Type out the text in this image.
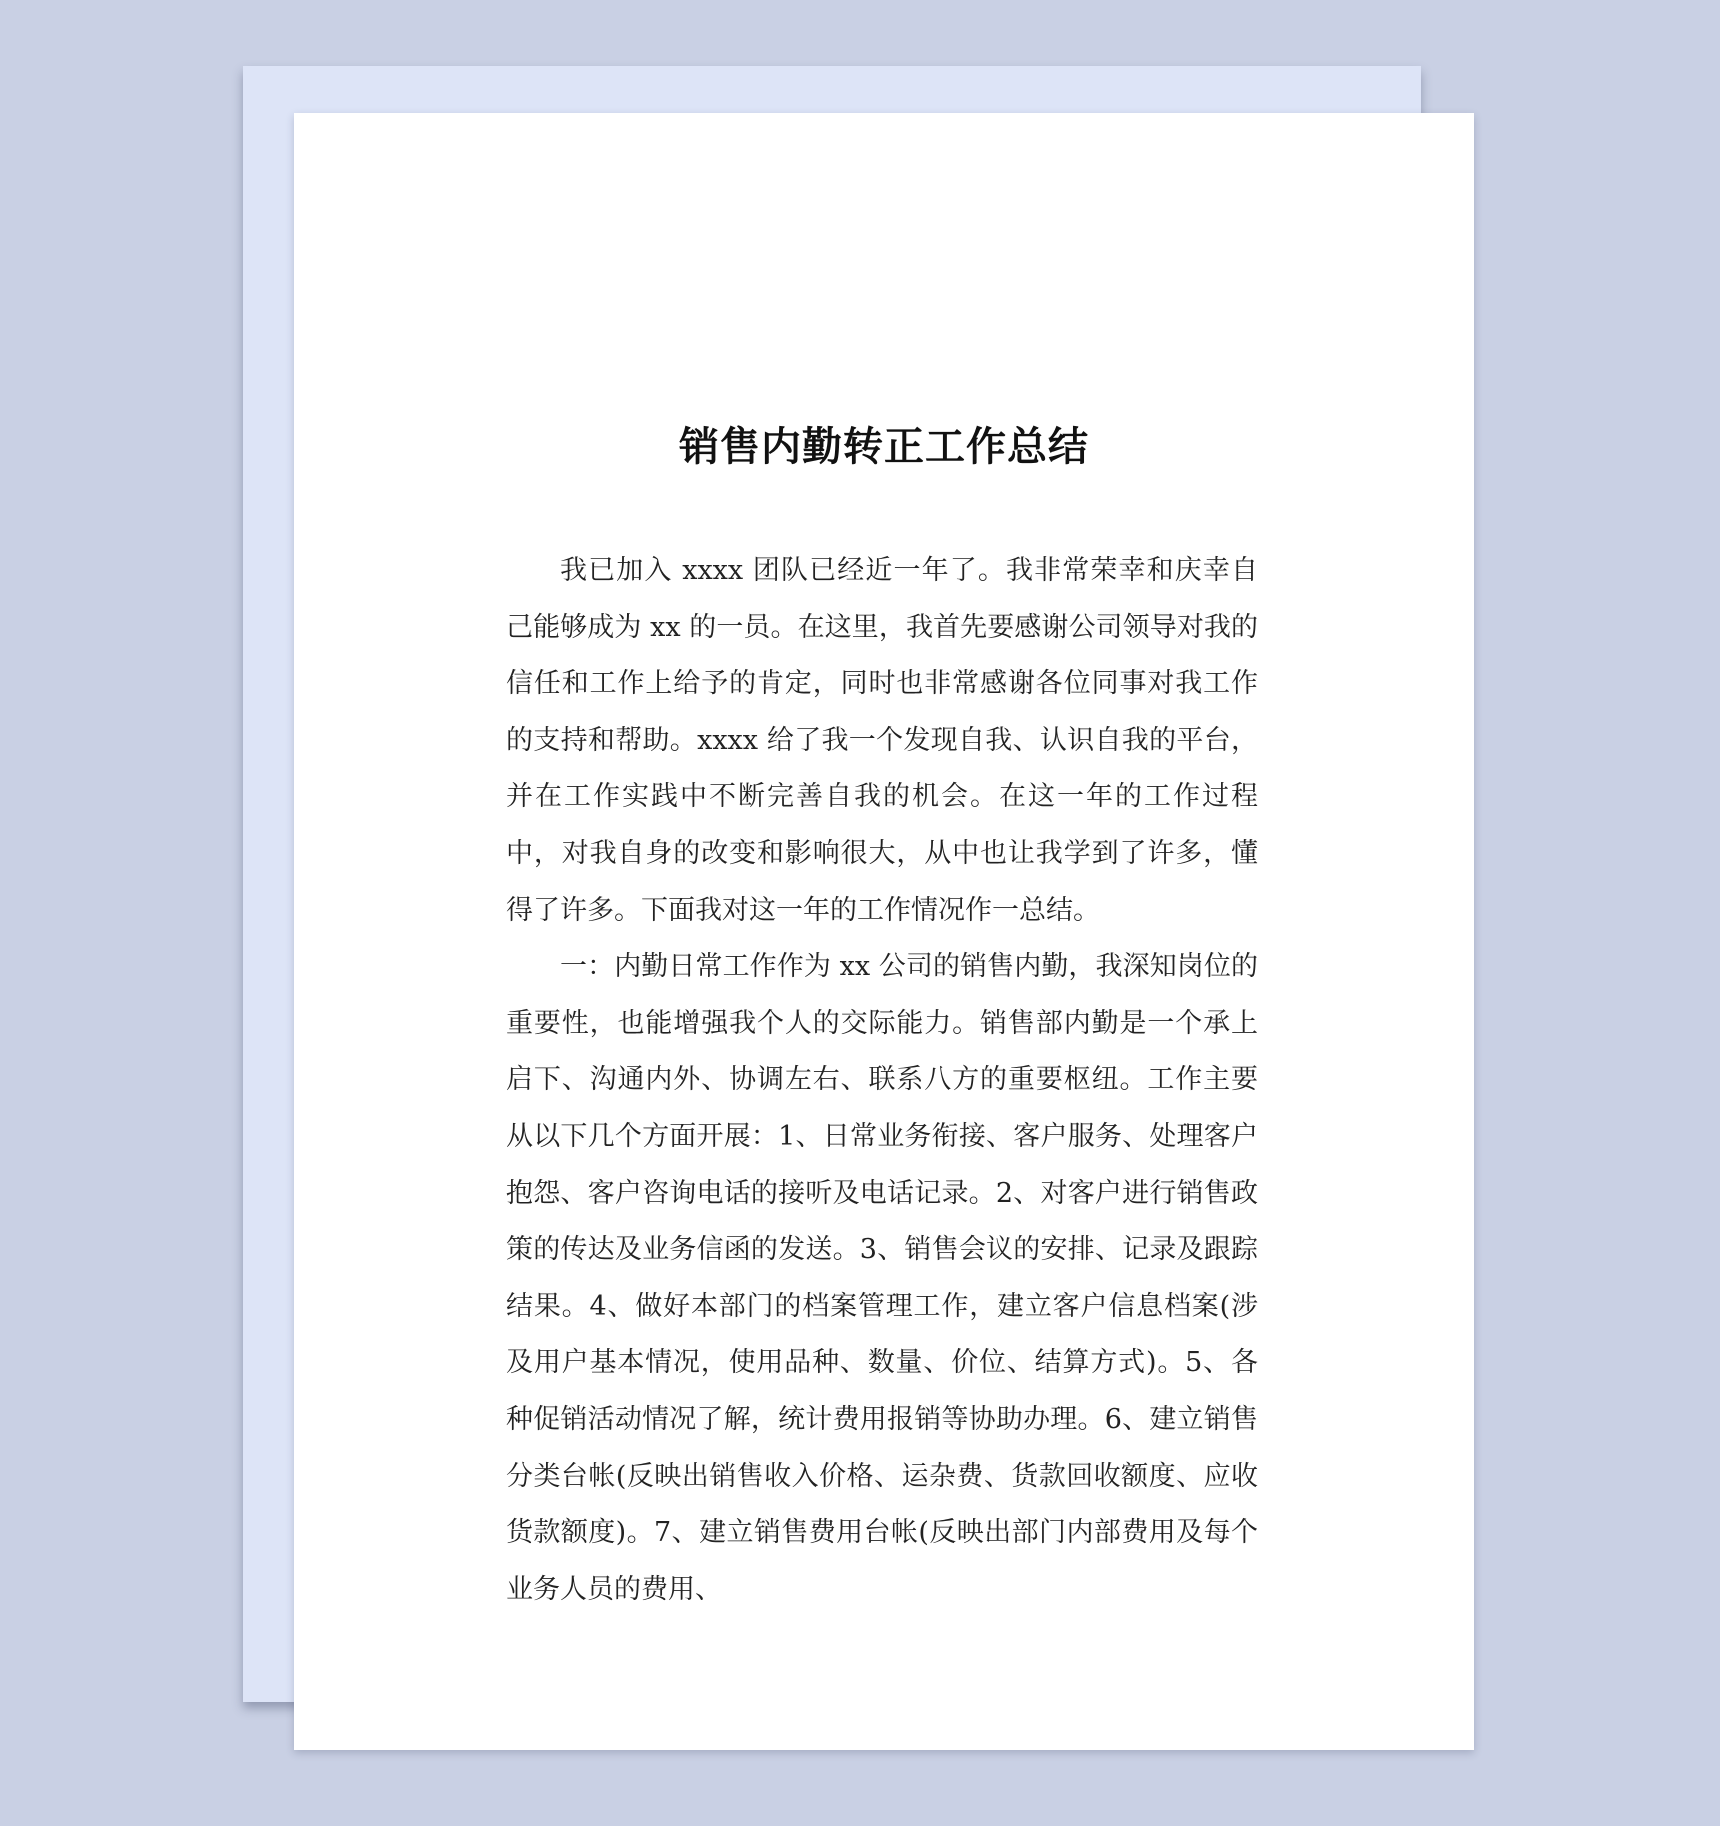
销售内勤转正工作总结

我已加入 xxxx 团队已经近一年了。我非常荣幸和庆幸自己能够成为 xx 的一员。在这里，我首先要感谢公司领导对我的信任和工作上给予的肯定，同时也非常感谢各位同事对我工作的支持和帮助。xxxx 给了我一个发现自我、认识自我的平台，并在工作实践中不断完善自我的机会。在这一年的工作过程中，对我自身的改变和影响很大，从中也让我学到了许多，懂得了许多。下面我对这一年的工作情况作一总结。

一：内勤日常工作作为 xx 公司的销售内勤，我深知岗位的重要性，也能增强我个人的交际能力。销售部内勤是一个承上启下、沟通内外、协调左右、联系八方的重要枢纽。工作主要从以下几个方面开展：1、日常业务衔接、客户服务、处理客户抱怨、客户咨询电话的接听及电话记录。2、对客户进行销售政策的传达及业务信函的发送。3、销售会议的安排、记录及跟踪结果。4、做好本部门的档案管理工作，建立客户信息档案(涉及用户基本情况，使用品种、数量、价位、结算方式)。5、各种促销活动情况了解，统计费用报销等协助办理。6、建立销售分类台帐(反映出销售收入价格、运杂费、货款回收额度、应收货款额度)。7、建立销售费用台帐(反映出部门内部费用及每个业务人员的费用、
